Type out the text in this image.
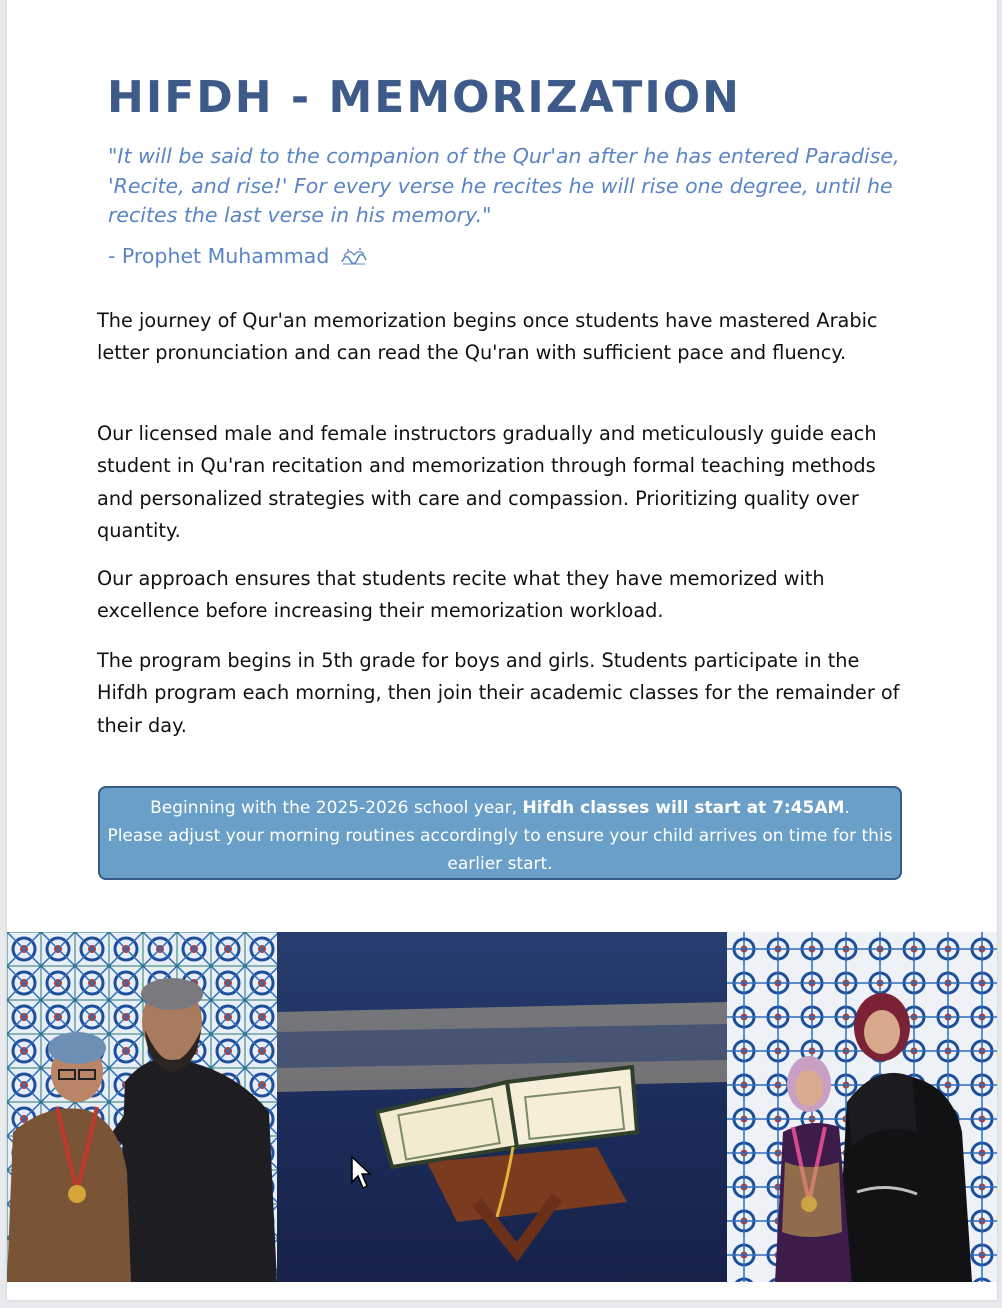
HIFDH - MEMORIZATION

"It will be said to the companion of the Qur'an after he has entered Paradise, 'Recite, and rise!' For every verse he recites he will rise one degree, until he recites the last verse in his memory."

- Prophet Muhammad

The journey of Qur'an memorization begins once students have mastered Arabic letter pronunciation and can read the Qu'ran with sufficient pace and fluency.

Our licensed male and female instructors gradually and meticulously guide each student in Qu'ran recitation and memorization through formal teaching methods and personalized strategies with care and compassion. Prioritizing quality over quantity.

Our approach ensures that students recite what they have memorized with excellence before increasing their memorization workload.

The program begins in 5th grade for boys and girls. Students participate in the Hifdh program each morning, then join their academic classes for the remainder of their day.

Beginning with the 2025-2026 school year, Hifdh classes will start at 7:45AM.
Please adjust your morning routines accordingly to ensure your child arrives on time for this earlier start.
